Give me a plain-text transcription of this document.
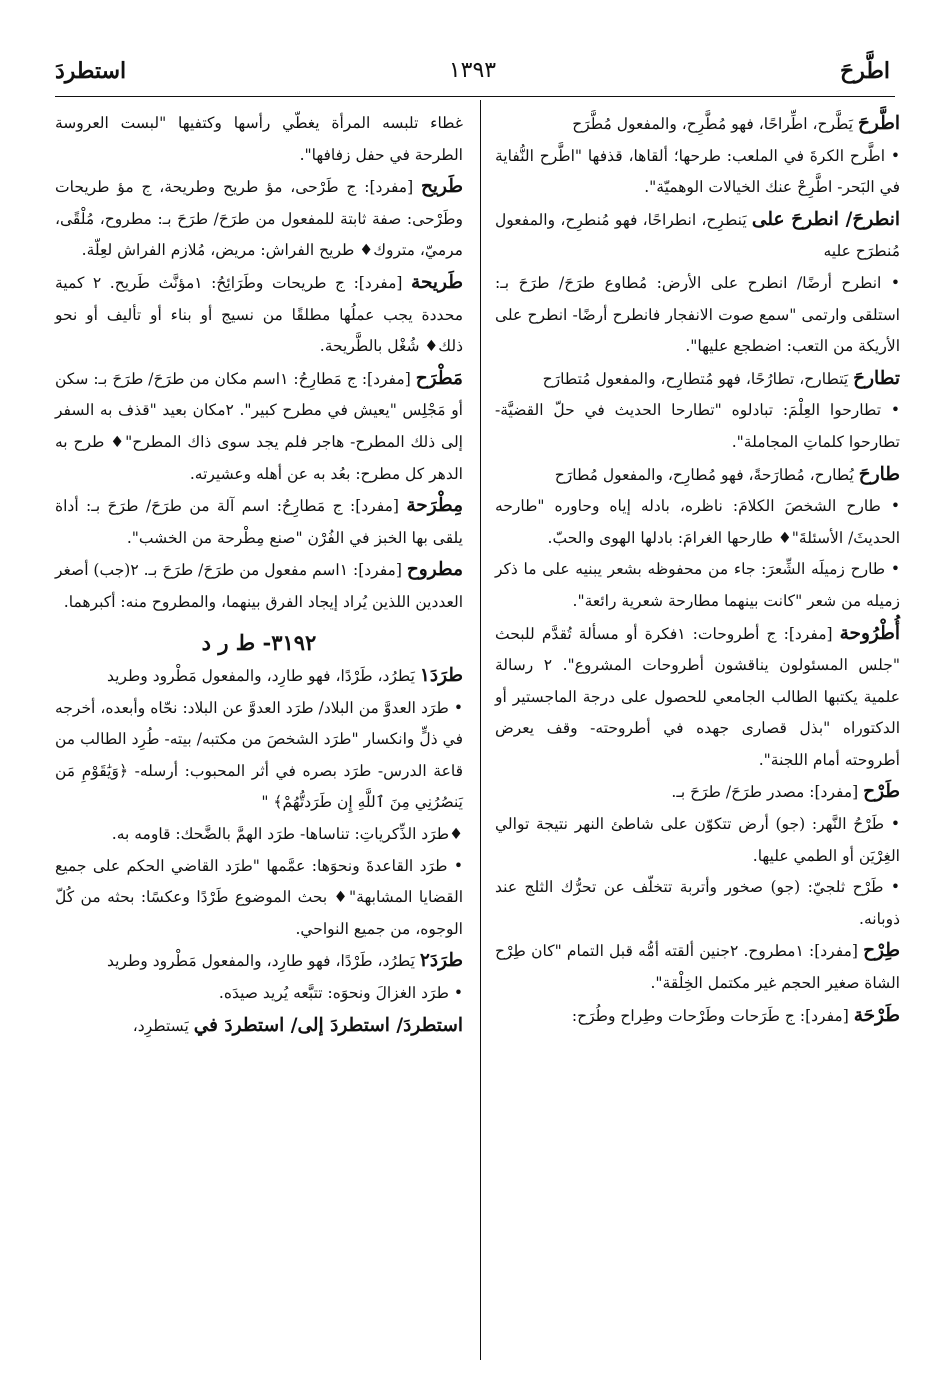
اطَّرحَ
١٣٩٣
استطردَ

اطَّرحَ يَطَّرح، اطِّراحًا، فهو مُطَّرِح، والمفعول مُطَّرَح

• اطَّرح الكرةَ في الملعب: طرحها؛ ألقاها، قذفها "اطَّرح النُّفاية في البَحر- اطَّرِحْ عنك الخيالات الوهميّة".

انطرحَ/ انطرحَ على يَنطرِح، انطراحًا، فهو مُنطرِح، والمفعول مُنطرَح عليه

• انطرح أرضًا/ انطرح على الأرض: مُطاوع طرَحَ/ طرَحَ بـ: استلقى وارتمى "سمع صوت الانفجار فانطرح أرضًا- انطرح على الأريكة من التعب: اضطجع عليها".

تطارحَ يَتطارح، تطارُحًا، فهو مُتطارِح، والمفعول مُتطارَح

• تطارحوا العِلْمَ: تبادلوه "تطارحا الحديث في حلّ القضيَّة- تطارحوا كلماتِ المجاملة".

طارحَ يُطارح، مُطارَحةً، فهو مُطارِح، والمفعول مُطارَح

• طارح الشخصَ الكلامَ: ناظره، بادله إياه وحاوره "طارحه الحديثَ/ الأسئلةَ"♦ طارحها الغرامَ: بادلها الهوى والحبّ.

• طارح زميلَه الشِّعرَ: جاء من محفوظه بشعر يبنيه على ما ذكر زميله من شعر "كانت بينهما مطارحة شعرية رائعة".

أُطْرُوحة [مفرد]: ج أطروحات: ١فكرة أو مسألة تُقدَّم للبحث "جلس المسئولون يناقشون أطروحات المشروع". ٢ رسالة علمية يكتبها الطالب الجامعي للحصول على درجة الماجستير أو الدكتوراه "بذل قصارى جهده في أطروحته- وقف يعرض أطروحته أمام اللجنة".

طَرْح [مفرد]: مصدر طرَحَ/ طرَحَ بـ.

• طَرْحُ النَّهر: (جو) أرض تتكوّن على شاطئ النهر نتيجة توالي الغِرْيَن أو الطمي عليها.

• طَرْح ثلجيّ: (جو) صخور وأتربة تتخلّف عن تحرُّك الثلج عند ذوبانه.

طِرْح [مفرد]: ١مطروح. ٢جنين ألقته أمُّه قبل التمام "كان طِرْح الشاة صغير الحجم غير مكتمل الخِلْقة".

طَرْحَة [مفرد]: ج طَرَحات وطَرْحات وطِراح وطُرَح:

غطاء تلبسه المرأة يغطّي رأسها وكتفيها "لبست العروسة الطرحة في حفل زفافها".

طَريح [مفرد]: ج طَرْحى، مؤ طريح وطريحة، ج مؤ طريحات وطَرْحى: صفة ثابتة للمفعول من طرَحَ/ طرَحَ بـ: مطروح، مُلْقًى، مرميّ، متروك♦ طريح الفراش: مريض، مُلازم الفراش لعِلّة.

طَريحة [مفرد]: ج طريحات وطَرَائِحُ: ١مؤنَّث طَريح. ٢ كمية محددة يجب عملُها مطلقًا من نسيج أو بناء أو تأليف أو نحو ذلك♦ شُغْل بالطَّريحة.

مَطْرَح [مفرد]: ج مَطارِحُ: ١اسم مكان من طرَحَ/ طرَحَ بـ: سكن أو مَجْلِس "يعيش في مطرح كبير". ٢مكان بعيد "قذف به السفر إلى ذلك المطرح- هاجر فلم يجد سوى ذاك المطرح"♦ طرح به الدهر كل مطرح: بعُد به عن أهله وعشيرته.

مِطْرَحة [مفرد]: ج مَطارِحُ: اسم آلة من طرَحَ/ طرَحَ بـ: أداة يلقى بها الخبز في الفُرْن "صنع مِطْرحة من الخشب".

مطروح [مفرد]: ١اسم مفعول من طرَحَ/ طرَحَ بـ. ٢(جب) أصغر العددين اللذين يُراد إيجاد الفرق بينهما، والمطروح منه: أكبرهما.

٣١٩٢- ط ر د

طرَدَ١ يَطرُد، طَرْدًا، فهو طارِد، والمفعول مَطْرود وطريد

• طرَد العدوَّ من البلاد/ طرَد العدوَّ عن البلاد: نحّاه وأبعده، أخرجه في ذلٍّ وانكسار "طرَد الشخصَ من مكتبه/ بيته- طُرِد الطالب من قاعة الدرس- طرَد بصره في أثر المحبوب: أرسله- ﴿وَيَٰقَوْمِ مَن يَنصُرُنِي مِنَ ٱللَّهِ إِن طَرَدتُّهُمْ﴾ "

♦طرَد الذِّكرياتِ: تناساها- طرَد الهمَّ بالضَّحك: قاومه به.

• طرَد القاعدةَ ونحوَها: عمَّمها "طرَد القاضي الحكم على جميع القضايا المشابهة"♦ بحث الموضوع طَرْدًا وعكسًا: بحثه من كُلّ الوجوه، من جميع النواحي.

طرَدَ٢ يَطرُد، طَرْدًا، فهو طارِد، والمفعول مَطْرود وطريد

• طرَد الغزالَ ونحوَه: تتبَّعه يُريد صيدَه.

استطردَ/ استطردَ إلى/ استطردَ في يَستطرِد،
